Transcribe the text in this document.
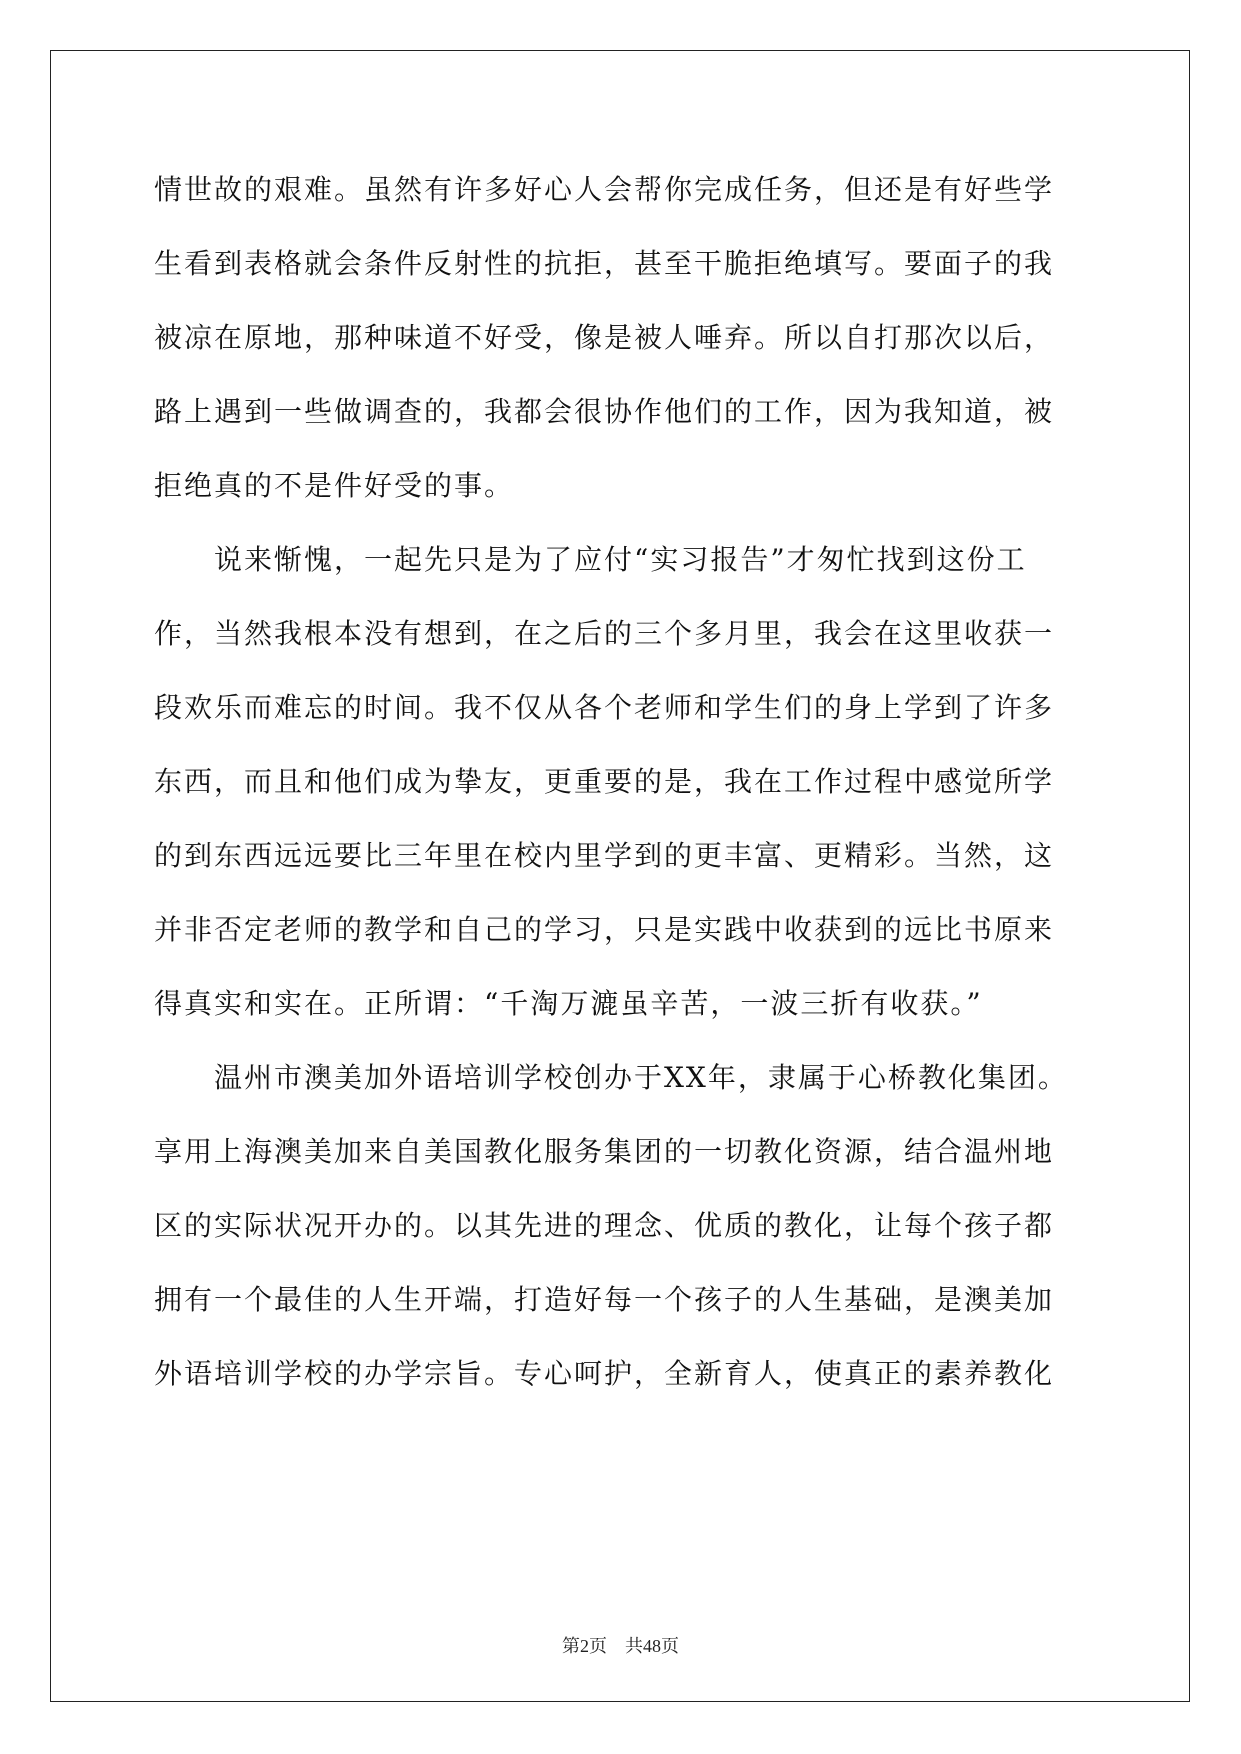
情世故的艰难。虽然有许多好心人会帮你完成任务，但还是有好些学
生看到表格就会条件反射性的抗拒，甚至干脆拒绝填写。要面子的我
被凉在原地，那种味道不好受，像是被人唾弃。所以自打那次以后，
路上遇到一些做调查的，我都会很协作他们的工作，因为我知道，被
拒绝真的不是件好受的事。
说来惭愧，一起先只是为了应付“实习报告”才匆忙找到这份工
作，当然我根本没有想到，在之后的三个多月里，我会在这里收获一
段欢乐而难忘的时间。我不仅从各个老师和学生们的身上学到了许多
东西，而且和他们成为挚友，更重要的是，我在工作过程中感觉所学
的到东西远远要比三年里在校内里学到的更丰富、更精彩。当然，这
并非否定老师的教学和自己的学习，只是实践中收获到的远比书原来
得真实和实在。正所谓：“千淘万漉虽辛苦，一波三折有收获。”
温州市澳美加外语培训学校创办于XX年，隶属于心桥教化集团。
享用上海澳美加来自美国教化服务集团的一切教化资源，结合温州地
区的实际状况开办的。以其先进的理念、优质的教化，让每个孩子都
拥有一个最佳的人生开端，打造好每一个孩子的人生基础，是澳美加
外语培训学校的办学宗旨。专心呵护，全新育人，使真正的素养教化
第2页 共48页
